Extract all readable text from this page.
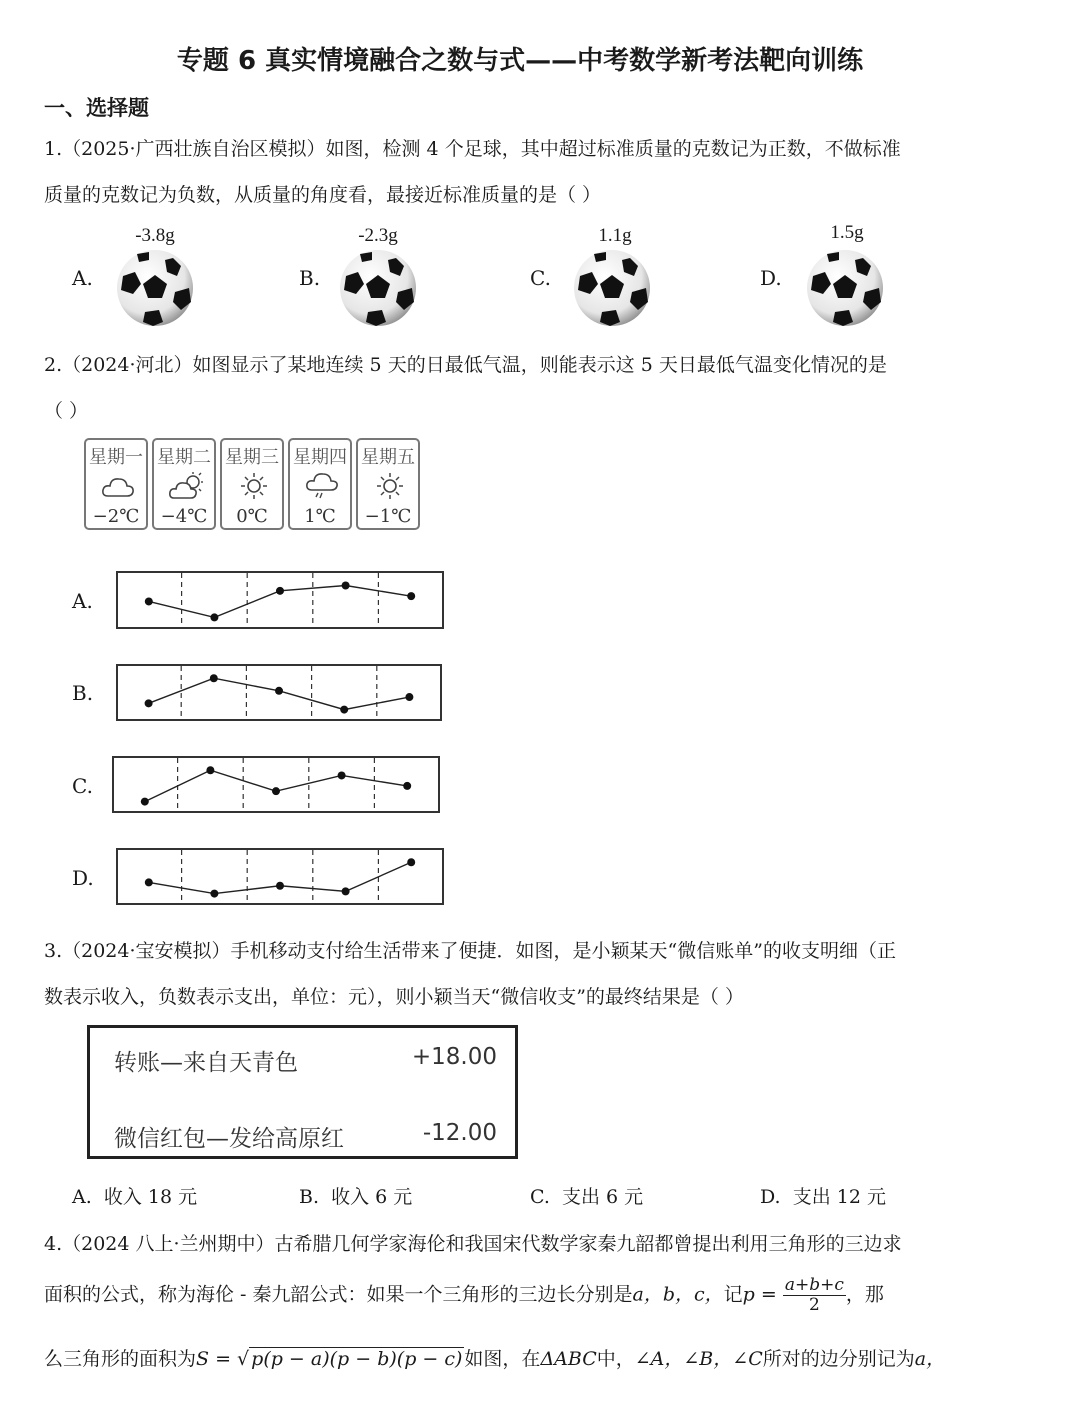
专题 6 真实情境融合之数与式——中考数学新考法靶向训练
一、选择题
1.（2025·广西壮族自治区模拟）如图，检测 4 个足球，其中超过标准质量的克数记为正数，不做标准
质量的克数记为负数，从质量的角度看，最接近标准质量的是（ ）
A.
-3.8g
B.
-2.3g
C.
1.1g
D.
1.5g
2.（2024·河北）如图显示了某地连续 5 天的日最低气温，则能表示这 5 天日最低气温变化情况的是
（ ）
星期一
−2℃
星期二
−4℃
星期三
0℃
星期四
1℃
星期五
−1℃
A.
B.
C.
D.
3.（2024·宝安模拟）手机移动支付给生活带来了便捷．如图，是小颖某天“微信账单”的收支明细（正
数表示收入，负数表示支出，单位：元），则小颖当天“微信收支”的最终结果是（ ）
转账—来自天青色	+18.00
微信红包—发给高原红	-12.00
A. 收入 18 元	B. 收入 6 元	C. 支出 6 元	D. 支出 12 元
4.（2024 八上·兰州期中）古希腊几何学家海伦和我国宋代数学家秦九韶都曾提出利用三角形的三边求
面积的公式，称为海伦 - 秦九韶公式：如果一个三角形的三边长分别是a，b，c，记$p = \frac{a+b+c}{2}$ ，那
么三角形的面积为S = √ p(p − a)(p − b)(p − c) 如图，在ΔABC中，∠A，∠B，∠C所对的边分别记为a，
